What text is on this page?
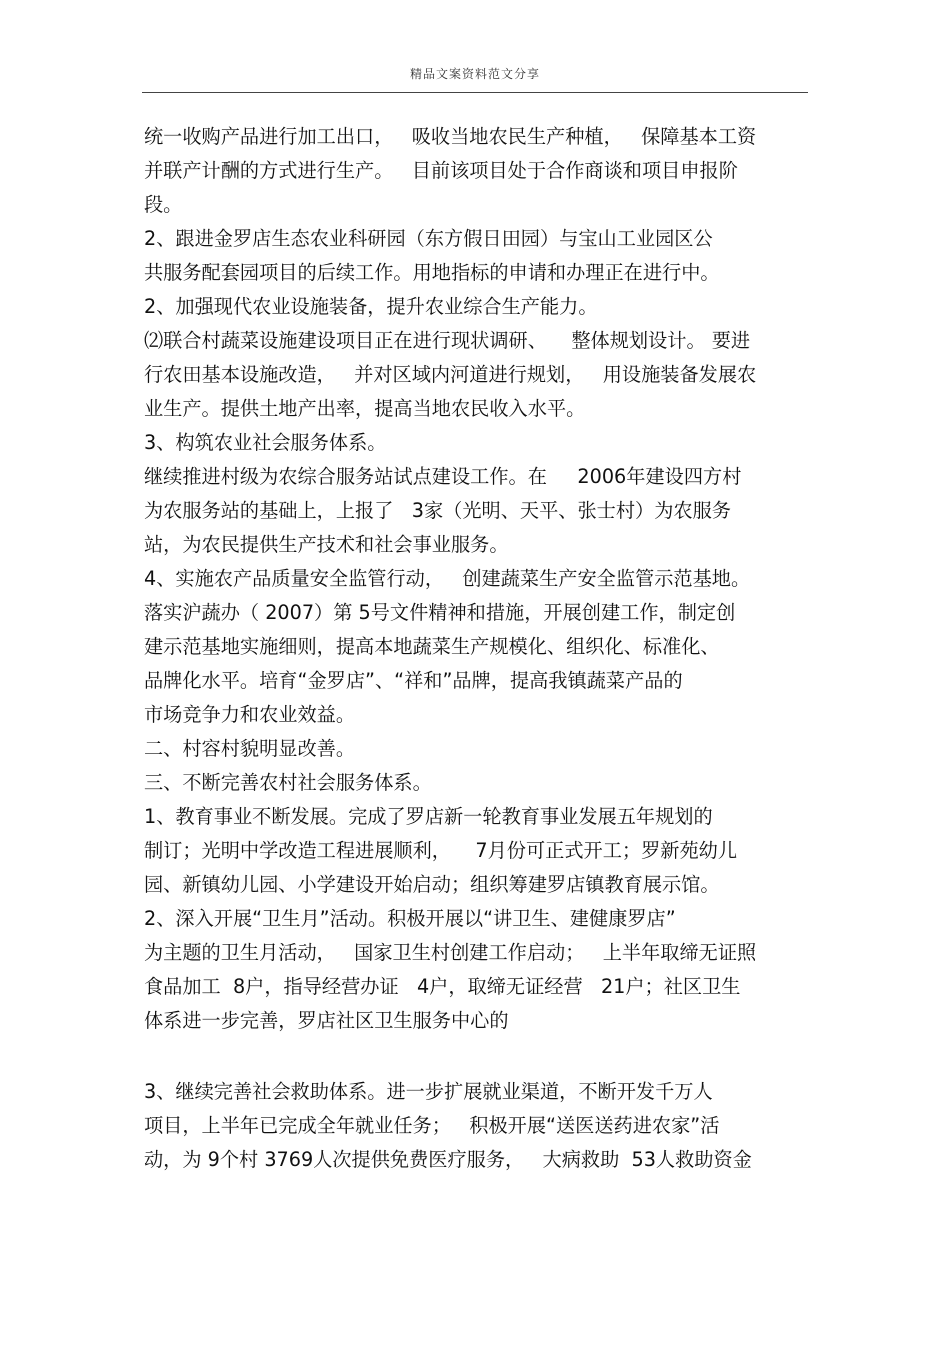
精品文案资料范文分享
统一收购产品进行加工出口，   吸收当地农民生产种植，   保障基本工资
并联产计酬的方式进行生产。   目前该项目处于合作商谈和项目申报阶
段。
2、跟进金罗店生态农业科研园（东方假日田园）与宝山工业园区公
共服务配套园项目的后续工作。用地指标的申请和办理正在进行中。
2、加强现代农业设施装备，提升农业综合生产能力。
⑵联合村蔬菜设施建设项目正在进行现状调研、    整体规划设计。 要进
行农田基本设施改造，   并对区域内河道进行规划，   用设施装备发展农
业生产。提供土地产出率，提高当地农民收入水平。
3、构筑农业社会服务体系。
继续推进村级为农综合服务站试点建设工作。在     2006年建设四方村
为农服务站的基础上，上报了   3家（光明、天平、张士村）为农服务
站，为农民提供生产技术和社会事业服务。
4、实施农产品质量安全监管行动，   创建蔬菜生产安全监管示范基地。
落实沪蔬办（ 2007）第 5号文件精神和措施，开展创建工作，制定创
建示范基地实施细则，提高本地蔬菜生产规模化、组织化、标准化、
品牌化水平。培育“金罗店”、“祥和”品牌，提高我镇蔬菜产品的
市场竞争力和农业效益。
二、村容村貌明显改善。
三、不断完善农村社会服务体系。
1、教育事业不断发展。完成了罗店新一轮教育事业发展五年规划的
制订；光明中学改造工程进展顺利，    7月份可正式开工；罗新苑幼儿
园、新镇幼儿园、小学建设开始启动；组织筹建罗店镇教育展示馆。
2、深入开展“卫生月”活动。积极开展以“讲卫生、建健康罗店”
为主题的卫生月活动，   国家卫生村创建工作启动；   上半年取缔无证照
食品加工  8户，指导经营办证   4户，取缔无证经营   21户；社区卫生
体系进一步完善，罗店社区卫生服务中心的
3、继续完善社会救助体系。进一步扩展就业渠道，不断开发千万人
项目，上半年已完成全年就业任务；   积极开展“送医送药进农家”活
动，为 9个村 3769人次提供免费医疗服务，   大病救助  53人救助资金
